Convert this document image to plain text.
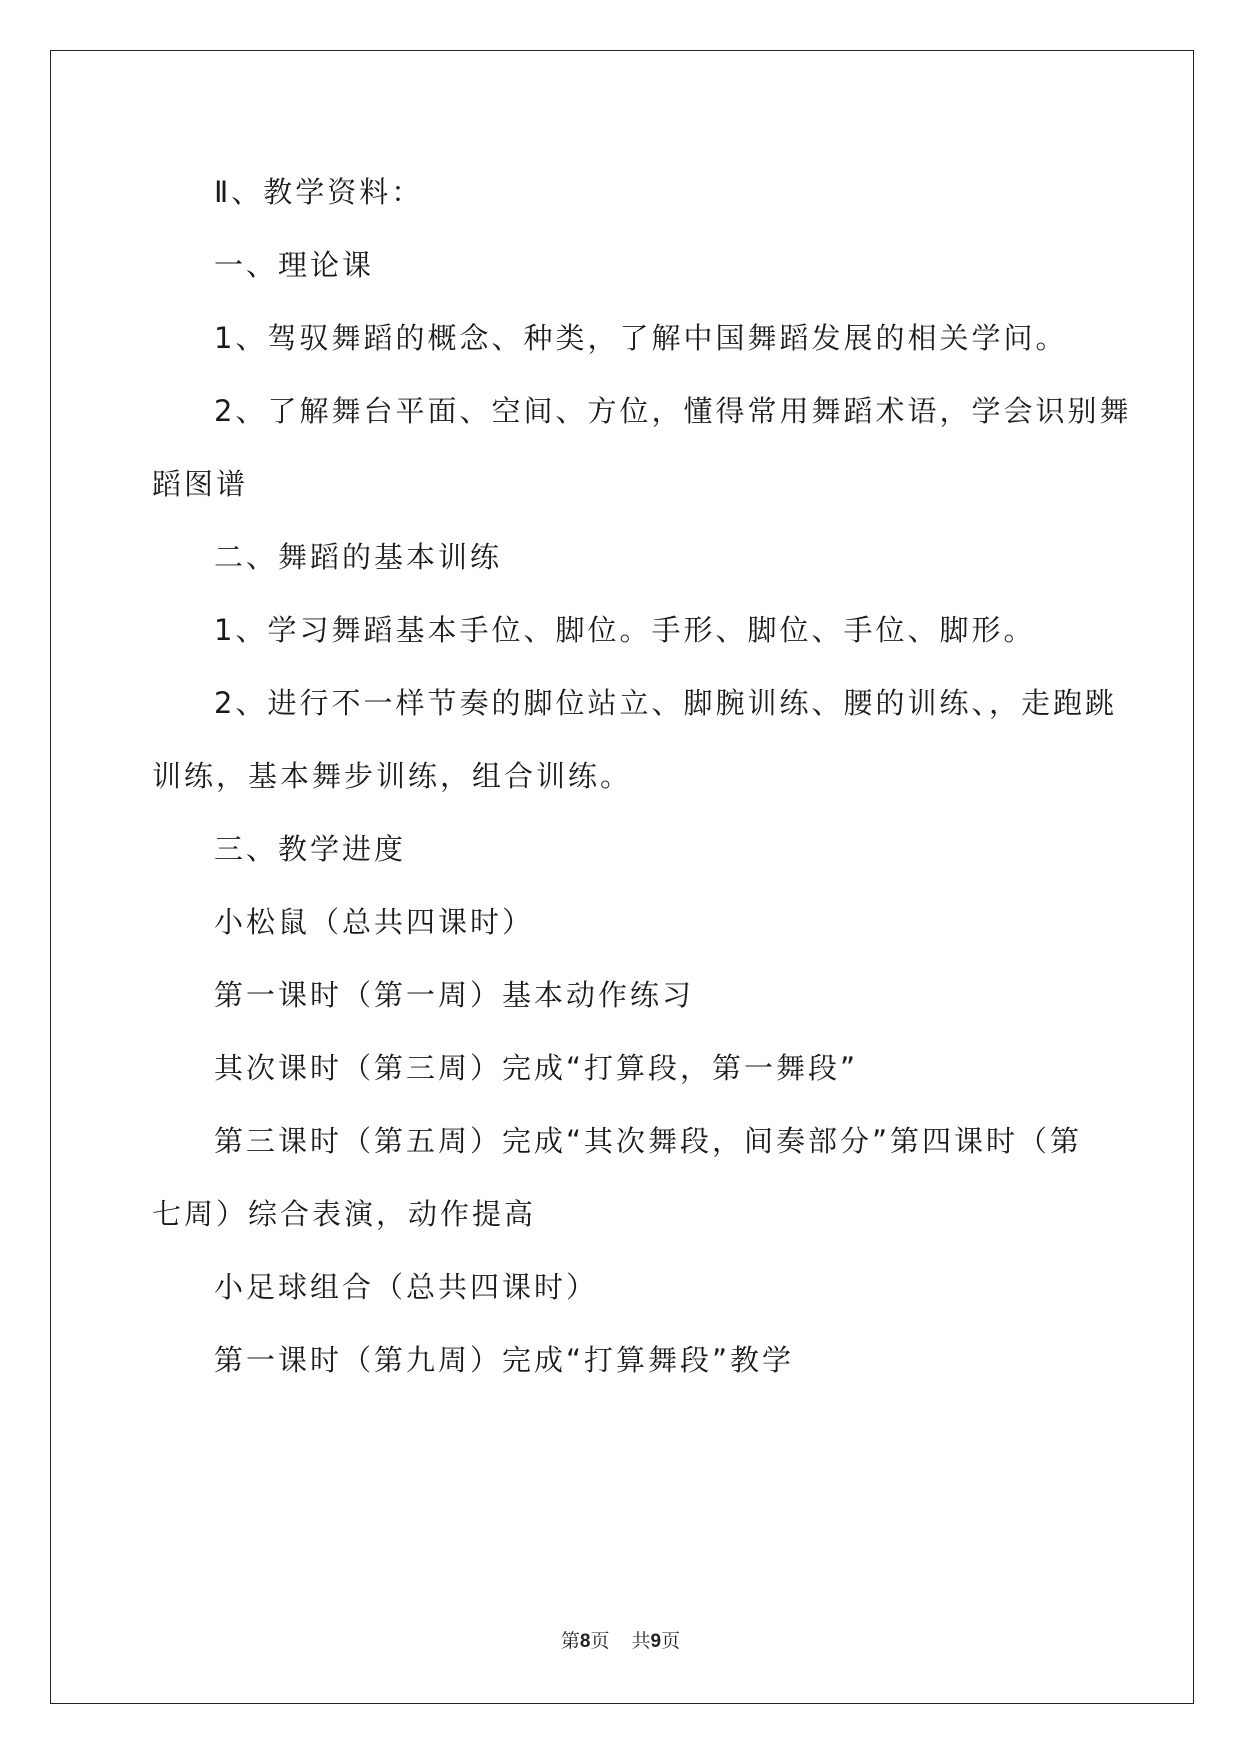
Ⅱ、教学资料：
一、理论课
1、驾驭舞蹈的概念、种类，了解中国舞蹈发展的相关学问。
2、了解舞台平面、空间、方位，懂得常用舞蹈术语，学会识别舞
蹈图谱
二、舞蹈的基本训练
1、学习舞蹈基本手位、脚位。手形、脚位、手位、脚形。
2、进行不一样节奏的脚位站立、脚腕训练、腰的训练、，走跑跳
训练，基本舞步训练，组合训练。
三、教学进度
小松鼠（总共四课时）
第一课时（第一周）基本动作练习
其次课时（第三周）完成“打算段，第一舞段”
第三课时（第五周）完成“其次舞段，间奏部分”第四课时（第
七周）综合表演，动作提高
小足球组合（总共四课时）
第一课时（第九周）完成“打算舞段”教学
第8页 共9页
